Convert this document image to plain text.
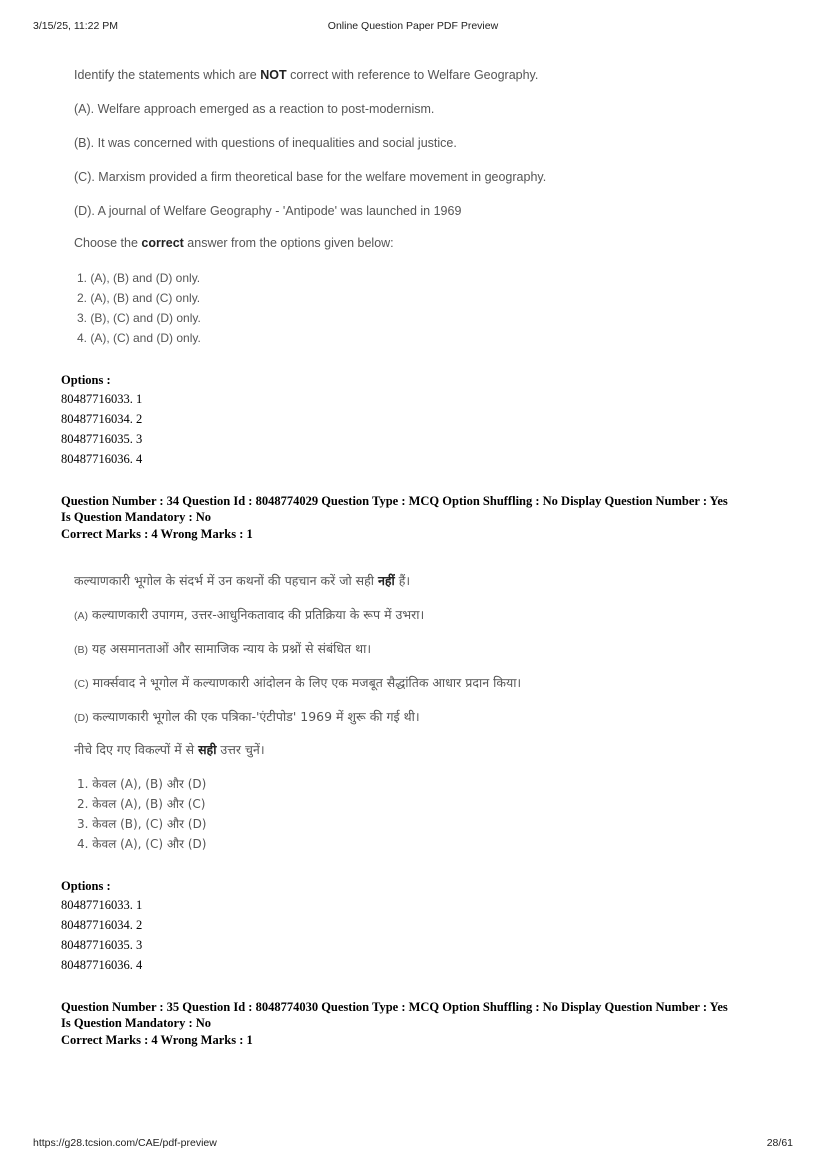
3/15/25, 11:22 PM	Online Question Paper PDF Preview

Identify the statements which are NOT correct with reference to Welfare Geography.

(A). Welfare approach emerged as a reaction to post-modernism.

(B). It was concerned with questions of inequalities and social justice.

(C). Marxism provided a firm theoretical base for the welfare movement in geography.

(D). A journal of Welfare Geography - 'Antipode' was launched in 1969

Choose the correct answer from the options given below:

1. (A), (B) and (D) only.

2. (A), (B) and (C) only.

3. (B), (C) and (D) only.

4. (A), (C) and (D) only.

Options :
80487716033. 1
80487716034. 2
80487716035. 3
80487716036. 4
Question Number : 34 Question Id : 8048774029 Question Type : MCQ Option Shuffling : No Display Question Number : Yes
Is Question Mandatory : No
Correct Marks : 4 Wrong Marks : 1

कल्याणकारी भूगोल के संदर्भ में उन कथनों की पहचान करें जो सही नहीं हैं।

(A) कल्याणकारी उपागम, उत्तर-आधुनिकतावाद की प्रतिक्रिया के रूप में उभरा।

(B) यह असमानताओं और सामाजिक न्याय के प्रश्नों से संबंधित था।

(C) मार्क्सवाद ने भूगोल में कल्याणकारी आंदोलन के लिए एक मजबूत सैद्धांतिक आधार प्रदान किया।

(D) कल्याणकारी भूगोल की एक पत्रिका-'एंटीपोड' 1969 में शुरू की गई थी।

नीचे दिए गए विकल्पों में से सही उत्तर चुनें।

1. केवल (A), (B) और (D)

2. केवल (A), (B) और (C)

3. केवल (B), (C) और (D)

4. केवल (A), (C) और (D)

Options :
80487716033. 1
80487716034. 2
80487716035. 3
80487716036. 4
Question Number : 35 Question Id : 8048774030 Question Type : MCQ Option Shuffling : No Display Question Number : Yes
Is Question Mandatory : No
Correct Marks : 4 Wrong Marks : 1
https://g28.tcsion.com/CAE/pdf-preview	28/61
